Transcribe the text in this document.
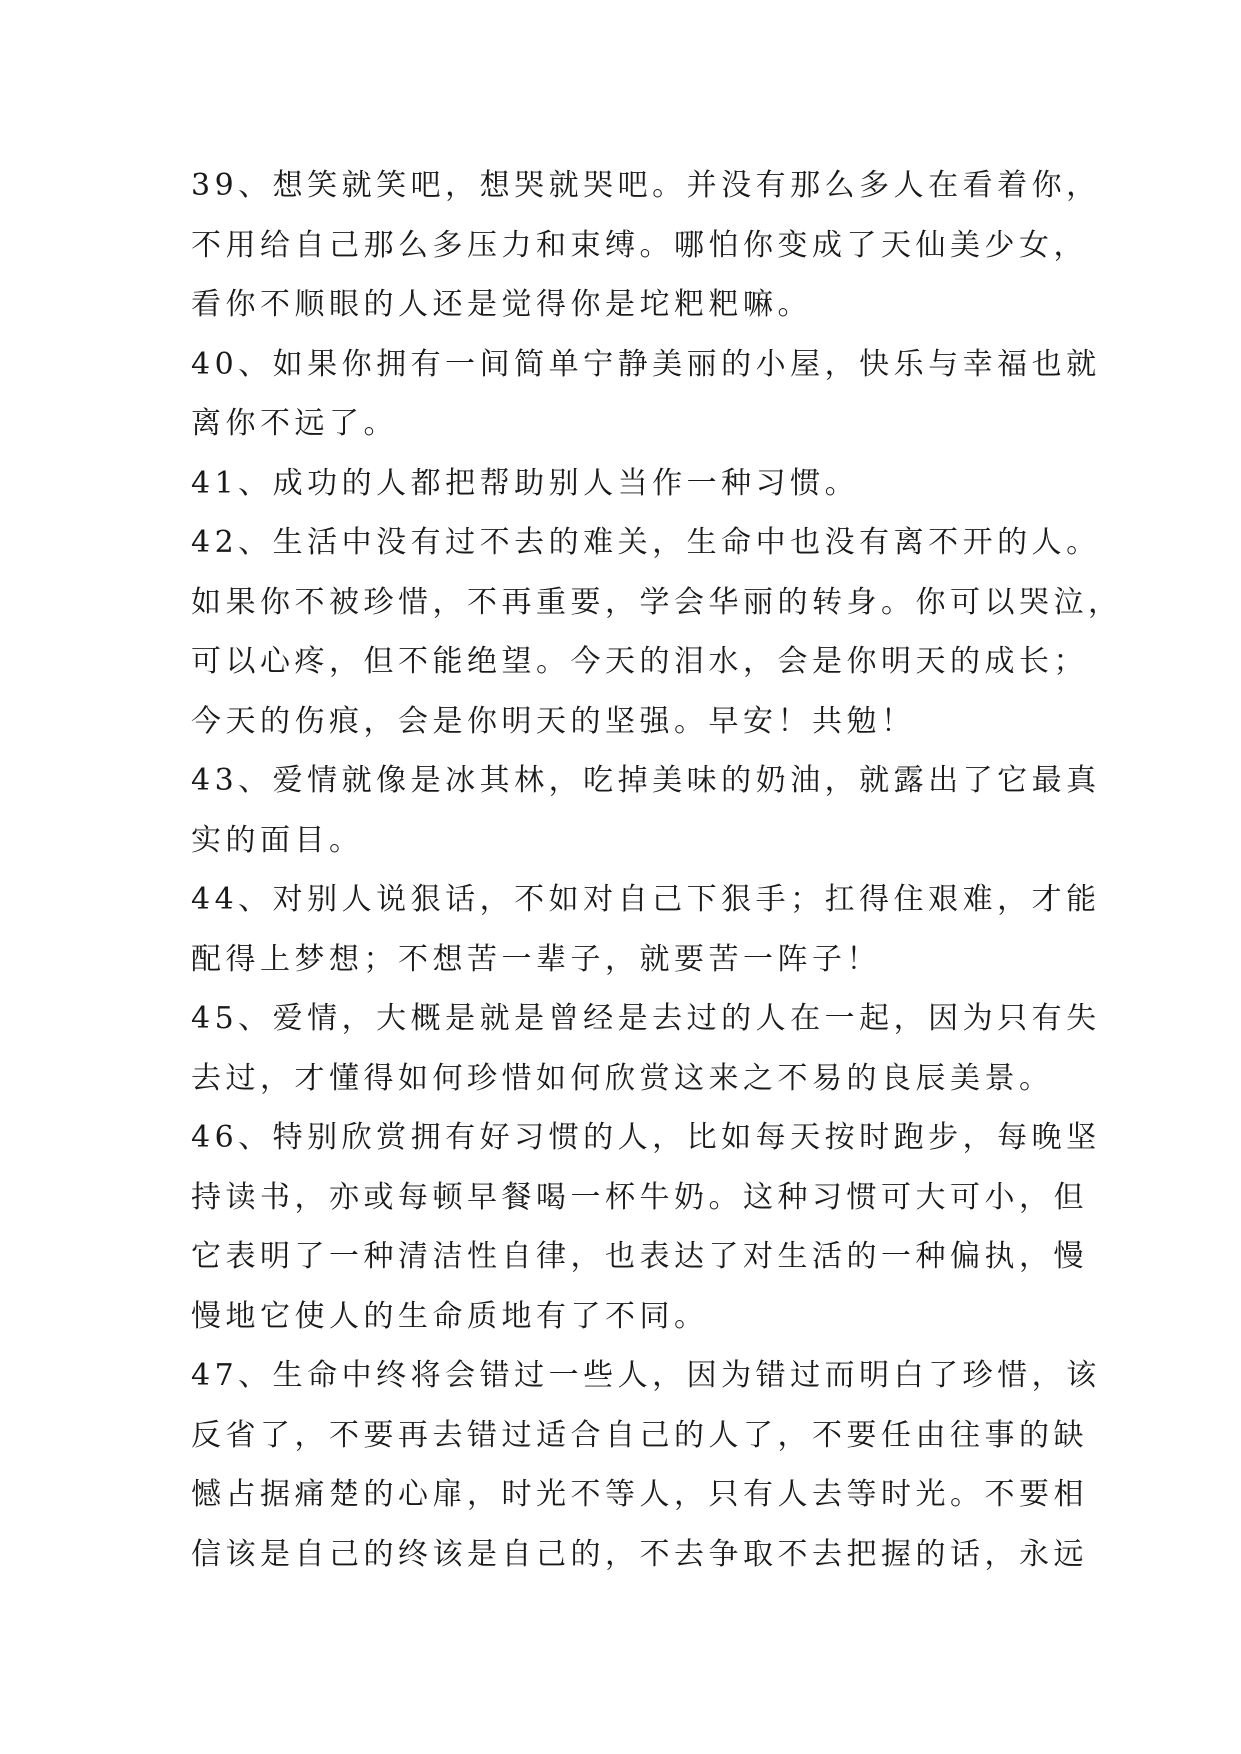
39、想笑就笑吧，想哭就哭吧。并没有那么多人在看着你，
不用给自己那么多压力和束缚。哪怕你变成了天仙美少女，
看你不顺眼的人还是觉得你是坨粑粑嘛。
40、如果你拥有一间简单宁静美丽的小屋，快乐与幸福也就
离你不远了。
41、成功的人都把帮助别人当作一种习惯。
42、生活中没有过不去的难关，生命中也没有离不开的人。
如果你不被珍惜，不再重要，学会华丽的转身。你可以哭泣，
可以心疼，但不能绝望。今天的泪水，会是你明天的成长；
今天的伤痕，会是你明天的坚强。早安！共勉！
43、爱情就像是冰其林，吃掉美味的奶油，就露出了它最真
实的面目。
44、对别人说狠话，不如对自己下狠手；扛得住艰难，才能
配得上梦想；不想苦一辈子，就要苦一阵子！
45、爱情，大概是就是曾经是去过的人在一起，因为只有失
去过，才懂得如何珍惜如何欣赏这来之不易的良辰美景。
46、特别欣赏拥有好习惯的人，比如每天按时跑步，每晚坚
持读书，亦或每顿早餐喝一杯牛奶。这种习惯可大可小，但
它表明了一种清洁性自律，也表达了对生活的一种偏执，慢
慢地它使人的生命质地有了不同。
47、生命中终将会错过一些人，因为错过而明白了珍惜，该
反省了，不要再去错过适合自己的人了，不要任由往事的缺
憾占据痛楚的心扉，时光不等人，只有人去等时光。不要相
信该是自己的终该是自己的，不去争取不去把握的话，永远
